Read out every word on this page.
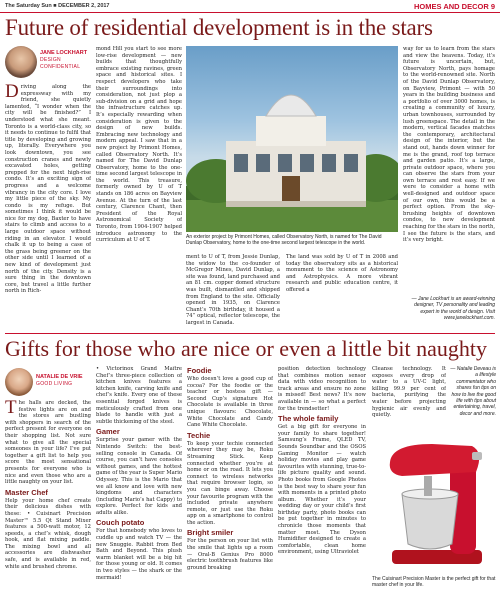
The Saturday Sun ■ DECEMBER 2, 2017	HOMES AND DECOR 9
Future of residential development is in the stars
JANE LOCKHART
DESIGN CONFIDENTIAL
D riving along the expressway with my friend, she quietly lamented, “I wonder when the city will be finished?” I understood what she meant. Toronto is a world-class city, so it needs to continue to fulfil that title by developing and growing up, literally. Everywhere you look downtown, you see construction cranes and newly excavated holes, getting prepped for the next high-rise condo. It’s an exciting sign of progress and a welcome vibrancy in the city core. I love my little piece of the sky. My condo is my refuge. But sometimes I think it would be nice for my dog, Baxter to have stairs to climb and access to a large outdoor space without riding in an elevator. I would chalk it up to being a case of the grass being greener on the other side until I learned of a new kind of development just north of the city. Density is a sure thing in the downtown core, but travel a little further north in Rich-
mond Hill you start to see more low-rise development — new builds that thoughtfully embrace existing ravines, green space and historical sites. I respect developers who take their surroundings into consideration, not just plop a sub-division on a grid and hope the infrastructure catches up. It’s especially rewarding when consideration is given to the design of new builds. Embracing new technology and modern appeal. I saw that in a new project by Primont Homes, called Observatory North. It’s named for The David Dunlap Observatory, home to the one-time second largest telescope in the world. This treasure, formerly owned by U of T stands on 186 acres on Bayview Avenue. At the turn of the last century, Clarence Chant, then President of the Royal Astronomical Society of Toronto, from 1904-1907 helped introduce astronomy to the curriculum at U of T.
An exterior project by Primont Homes, called Observatory North, is named for The David Dunlap Observatory, home to the one-time second largest telescope in the world.
ment to U of T, from Jessie Dunlap, the widow to the co-founder of McGregor Mines, David Dunlap, a site was found, land purchased and an 81 cm. copper domed structure was built, dismantled and shipped from England to the site. Officially opened in 1935, on Clarence Chant’s 70th birthday, it housed a 74” optical, reflector telescope, the largest in Canada.
The land was sold by U of T in 2008 and today the observatory sits as a historical monument to the science of Astronomy and Astrophysics. A more vibrant research and public education centre, it offered a
way for us to learn from the stars and view the heavens. Today, it’s future is uncertain, but, Observatory North, pays homage to the world-renowned site. North of the David Dunlap Observatory, on Bayview, Primont — with 50 years in the building business and a portfolio of over 3000 homes, is creating a community of luxury, urban townhouses, surrounded by lush greenspace. The detail in the modern, vertical facades matches the contemporary, architectural design of the interior, but the stand out, hands down winner for me is the grand, roof top terrace and garden patio. It’s a large, private outdoor space, where you can observe the stars from your own terrace and rest easy. If we were to consider a home with well-designed and outdoor space of our own, this would be a perfect option. From the sky-brushing heights of downtown condos, to new development reaching for the stars in the north, I see the future is the stars, and it’s very bright.
— Jane Lockhart is an award-winning designer, TV personality and leading expert in the world of design. Visit www.janelockhart.com.
Gifts for those who are nice or even a little bit naughty
NATALIE DE VRIE
GOOD LIVING
T he halls are decked, the festive lights are on and the stores are bustling with shoppers in search of the perfect present for everyone on their shopping list. Not sure what to give all the special someones in your life? I’ve put together a gift list to help you score the most sensational presents for everyone who is nice and even those who are a little naughty on your list.
Master Chef
Help your home chef create their delicious dishes with these: • Cuisinart Precision Master™ 5.5 Qt Stand Mixer features a 500-watt motor, 12 speeds, a chef’s whisk, dough hook, and flat mixing paddle. The mixing bowl and all accessories are dishwasher safe, and is available in red, white and brushed chrome.
• Victorinox Grand Maître Chef’s three-piece collection of kitchen knives features a kitchen knife, carving knife and chef’s knife. Every one of these essential forged knives is meticulously crafted from one blade to handle with just a subtle thickening of the steel.
Gamer
Surprise your gamer with the Nintendo Switch: the best-selling console in Canada. Of course, you can’t have consoles without games, and the hottest game of the year is Super Mario Odyssey. This is the Mario that we all know and love with new kingdoms and characters (including Mario’s hat Cappy) to explore. Perfect for kids and adults alike.
Couch potato
For that homebody who loves to cuddle up and watch TV — the new Snuggie. Rabbit from Bed Bath and Beyond. This plush warm blanket will be a big hit for those young or old. It comes in two styles — the shark or the mermaid!
Foodie
Who doesn’t love a good cup of cocoa? For the foodie or the teacher or hostess gift — Second Cup’s signature Hot Chocolate is available in three unique flavours: Chocolate, White Chocolate and Candy Cane White Chocolate.
Techie
To keep your techie connected wherever they may be, Roku Streaming Stick. Keep connected whether you’re at home or on the road. It lets you connect to wireless networks that require browser login, so you can binge away. Choose your favourite program with the included private anywhere remote, or just use the Roku app on a smartphone to control the action.
Bright smiler
For the person on your list with the smile that lights up a room — Oral-B Genius Pro 8000 electric toothbrush features like ground breaking
position detection technology that combines motion sensor data with video recognition to track areas and ensure no zone is missed! Best news? It’s now available in — so what a perfect for the trendsetter!
The whole family
Get a big gift for everyone in your family to share together! Samsung’s Frame, QLED TV, Sounds Soundbar and the OSOS Gaming Monitor — watch holiday movies and play game favourites with stunning, true-to-life picture quality and sound. Photo books from Google Photos is the best way to share your fun with moments in a printed photo album. Whether it’s your wedding day or your child’s first birthday party, photo books can be put together in minutes to chronicle those moments that matter most. The Dyson Humidifier designed to create a comfortable, clean home environment, using Ultraviolet
Cleanse technology. It exposes every drop of water to a UV-C light, killing 99.9 per cent of bacteria, purifying the water before projecting hygienic air evenly and quietly.
— Natalie Deveau is a lifestyle commentator who shares fun tips on how to live the good life with tips about entertaining, travel, decor and more.
The Cuisinart Precision Master is the perfect gift for that master chef in your life.
